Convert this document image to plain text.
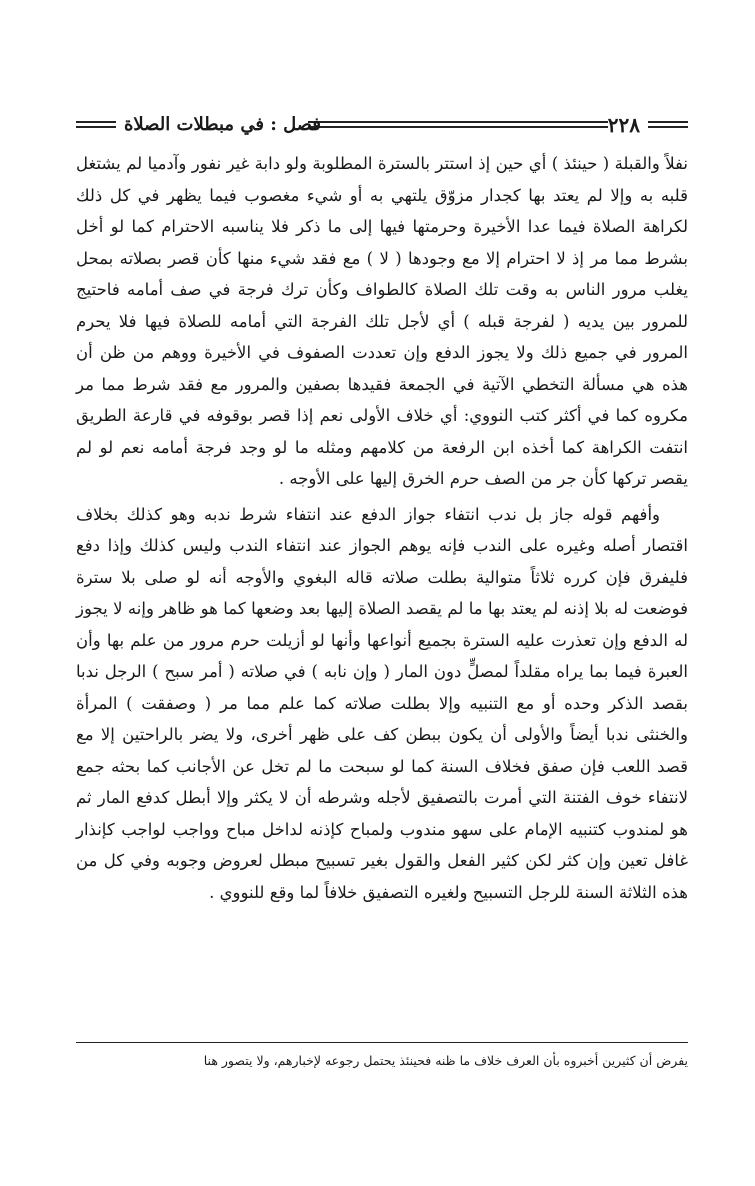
٢٢٨
فصل : في مبطلات الصلاة

نفلاً والقبلة ( حينئذ ) أي حين إذ استتر بالسترة المطلوبة ولو دابة غير نفور وآدميا لم يشتغل قلبه به وإلا لم يعتد بها كجدار مزوّق يلتهي به أو شيء مغصوب فيما يظهر في كل ذلك لكراهة الصلاة فيما عدا الأخيرة وحرمتها فيها إلى ما ذكر فلا يناسبه الاحترام كما لو أخل بشرط مما مر إذ لا احترام إلا مع وجودها ( لا ) مع فقد شيء منها كأن قصر بصلاته بمحل يغلب مرور الناس به وقت تلك الصلاة كالطواف وكأن ترك فرجة في صف أمامه فاحتيج للمرور بين يديه ( لفرجة قبله ) أي لأجل تلك الفرجة التي أمامه للصلاة فيها فلا يحرم المرور في جميع ذلك ولا يجوز الدفع وإن تعددت الصفوف في الأخيرة ووهم من ظن أن هذه هي مسألة التخطي الآتية في الجمعة فقيدها بصفين والمرور مع فقد شرط مما مر مكروه كما في أكثر كتب النووي: أي خلاف الأولى نعم إذا قصر بوقوفه في قارعة الطريق انتفت الكراهة كما أخذه ابن الرفعة من كلامهم ومثله ما لو وجد فرجة أمامه نعم لو لم يقصر تركها كأن جر من الصف حرم الخرق إليها على الأوجه .

وأفهم قوله جاز بل ندب انتفاء جواز الدفع عند انتفاء شرط ندبه وهو كذلك بخلاف اقتصار أصله وغيره على الندب فإنه يوهم الجواز عند انتفاء الندب وليس كذلك وإذا دفع فليفرق فإن كرره ثلاثاً متوالية بطلت صلاته قاله البغوي والأوجه أنه لو صلى بلا سترة فوضعت له بلا إذنه لم يعتد بها ما لم يقصد الصلاة إليها بعد وضعها كما هو ظاهر وإنه لا يجوز له الدفع وإن تعذرت عليه السترة بجميع أنواعها وأنها لو أزيلت حرم مرور من علم بها وأن العبرة فيما بما يراه مقلداً لمصلٍّ دون المار ( وإن نابه ) في صلاته ( أمر سبح ) الرجل ندبا بقصد الذكر وحده أو مع التنبيه وإلا بطلت صلاته كما علم مما مر ( وصفقت ) المرأة والخنثى ندبا أيضاً والأولى أن يكون ببطن كف على ظهر أخرى، ولا يضر بالراحتين إلا مع قصد اللعب فإن صفق فخلاف السنة كما لو سبحت ما لم تخل عن الأجانب كما بحثه جمع لانتفاء خوف الفتنة التي أمرت بالتصفيق لأجله وشرطه أن لا يكثر وإلا أبطل كدفع المار ثم هو لمندوب كتنبيه الإمام على سهو مندوب ولمباح كإذنه لداخل مباح وواجب لواجب كإنذار غافل تعين وإن كثر لكن كثير الفعل والقول بغير تسبيح مبطل لعروض وجوبه وفي كل من هذه الثلاثة السنة للرجل التسبيح ولغيره التصفيق خلافاً لما وقع للنووي .

يفرض أن كثيرين أخبروه بأن العرف خلاف ما ظنه فحينئذ يحتمل رجوعه لإخبارهم، ولا يتصور هنا
